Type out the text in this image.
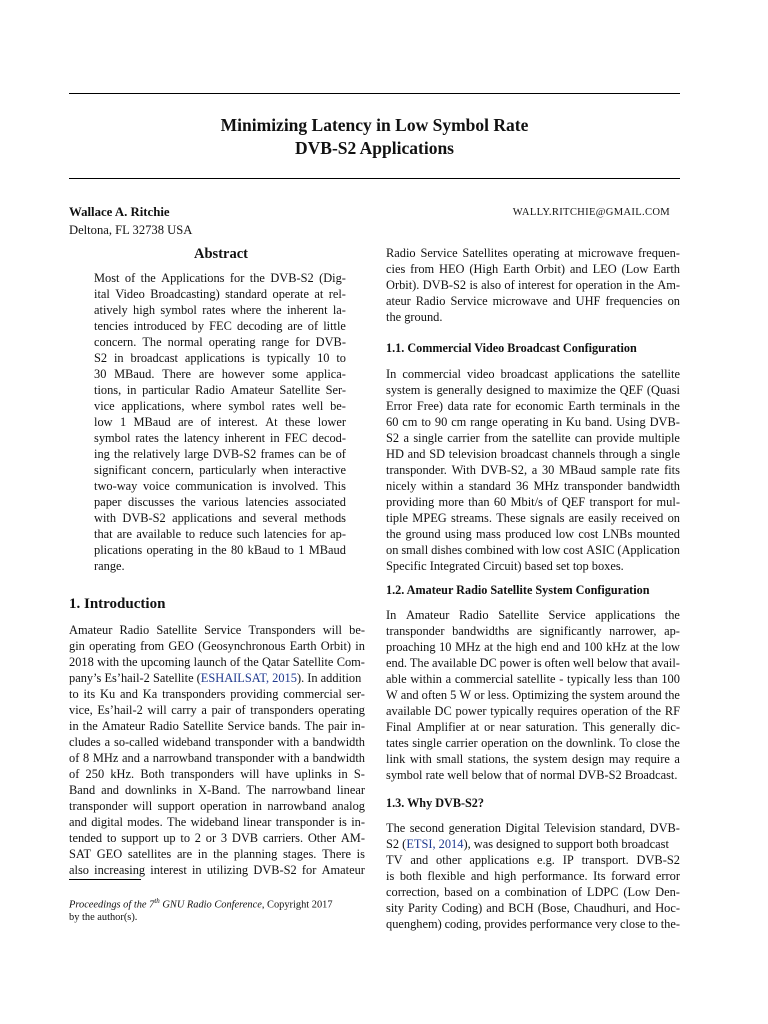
Minimizing Latency in Low Symbol Rate
DVB-S2 Applications
Wallace A. Ritchie	WALLY.RITCHIE@GMAIL.COM
Deltona, FL 32738 USA
Abstract
Most of the Applications for the DVB-S2 (Dig-
ital Video Broadcasting) standard operate at rel-
atively high symbol rates where the inherent la-
tencies introduced by FEC decoding are of little
concern. The normal operating range for DVB-
S2 in broadcast applications is typically 10 to
30 MBaud. There are however some applica-
tions, in particular Radio Amateur Satellite Ser-
vice applications, where symbol rates well be-
low 1 MBaud are of interest. At these lower
symbol rates the latency inherent in FEC decod-
ing the relatively large DVB-S2 frames can be of
significant concern, particularly when interactive
two-way voice communication is involved. This
paper discusses the various latencies associated
with DVB-S2 applications and several methods
that are available to reduce such latencies for ap-
plications operating in the 80 kBaud to 1 MBaud
range.
1. Introduction
Amateur Radio Satellite Service Transponders will be-
gin operating from GEO (Geosynchronous Earth Orbit) in
2018 with the upcoming launch of the Qatar Satellite Com-
pany’s Es’hail-2 Satellite (ESHAILSAT, 2015). In addition
to its Ku and Ka transponders providing commercial ser-
vice, Es’hail-2 will carry a pair of transponders operating
in the Amateur Radio Satellite Service bands. The pair in-
cludes a so-called wideband transponder with a bandwidth
of 8 MHz and a narrowband transponder with a bandwidth
of 250 kHz. Both transponders will have uplinks in S-
Band and downlinks in X-Band. The narrowband linear
transponder will support operation in narrowband analog
and digital modes. The wideband linear transponder is in-
tended to support up to 2 or 3 DVB carriers. Other AM-
SAT GEO satellites are in the planning stages. There is
also increasing interest in utilizing DVB-S2 for Amateur
Proceedings of the 7th GNU Radio Conference, Copyright 2017
by the author(s).
Radio Service Satellites operating at microwave frequen-
cies from HEO (High Earth Orbit) and LEO (Low Earth
Orbit). DVB-S2 is also of interest for operation in the Am-
ateur Radio Service microwave and UHF frequencies on
the ground.
1.1. Commercial Video Broadcast Configuration
In commercial video broadcast applications the satellite
system is generally designed to maximize the QEF (Quasi
Error Free) data rate for economic Earth terminals in the
60 cm to 90 cm range operating in Ku band. Using DVB-
S2 a single carrier from the satellite can provide multiple
HD and SD television broadcast channels through a single
transponder. With DVB-S2, a 30 MBaud sample rate fits
nicely within a standard 36 MHz transponder bandwidth
providing more than 60 Mbit/s of QEF transport for mul-
tiple MPEG streams. These signals are easily received on
the ground using mass produced low cost LNBs mounted
on small dishes combined with low cost ASIC (Application
Specific Integrated Circuit) based set top boxes.
1.2. Amateur Radio Satellite System Configuration
In Amateur Radio Satellite Service applications the
transponder bandwidths are significantly narrower, ap-
proaching 10 MHz at the high end and 100 kHz at the low
end. The available DC power is often well below that avail-
able within a commercial satellite - typically less than 100
W and often 5 W or less. Optimizing the system around the
available DC power typically requires operation of the RF
Final Amplifier at or near saturation. This generally dic-
tates single carrier operation on the downlink. To close the
link with small stations, the system design may require a
symbol rate well below that of normal DVB-S2 Broadcast.
1.3. Why DVB-S2?
The second generation Digital Television standard, DVB-
S2 (ETSI, 2014), was designed to support both broadcast
TV and other applications e.g. IP transport. DVB-S2
is both flexible and high performance. Its forward error
correction, based on a combination of LDPC (Low Den-
sity Parity Coding) and BCH (Bose, Chaudhuri, and Hoc-
quenghem) coding, provides performance very close to the-
